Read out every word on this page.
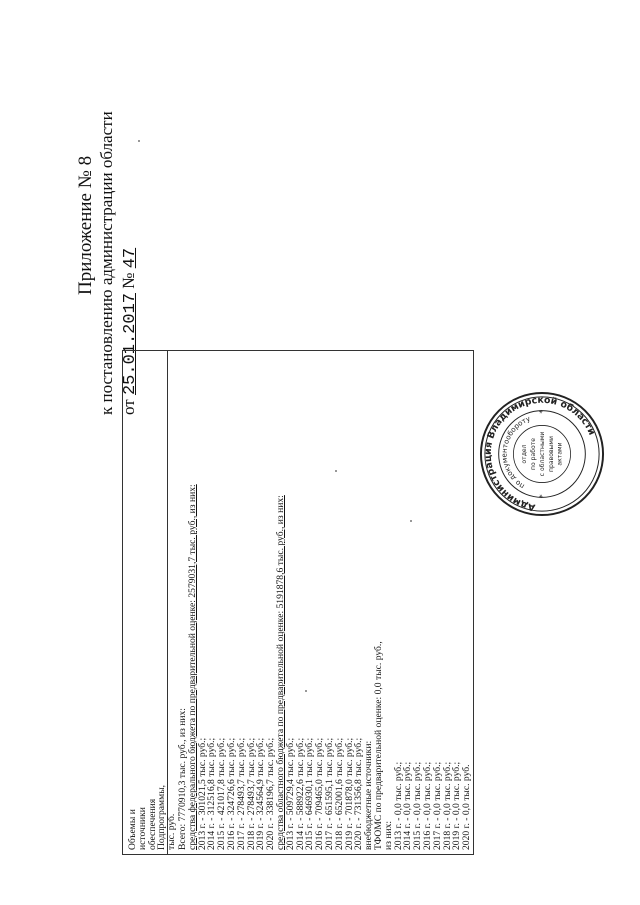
Приложение № 8 к постановлению администрации области от 25.01.2017 № 47
Объемы и
источники
обеспечения
Подпрограммы,
тыс. руб. Всего: 7770910,3 тыс. руб., из них:
средства федерального бюджета по предварительной оценке: 2579031,7 тыс. руб., из них:
2013 г. - 301021,5 тыс. руб.;
2014 г. - 312516,8 тыс. руб.;
2015 г. - 421017,8 тыс. руб.;
2016 г. - 324726,6 тыс. руб.;
2017 г. - 278493,7 тыс. руб.;
2018 г. - 278493,7 тыс. руб.;
2019 г. - 324564,9 тыс. руб.;
2020 г. - 338196,7 тыс. руб.;
средства областного бюджета по предварительной оценке: 5191878,6 тыс. руб., из них:
2013 г. - 509729,4 тыс. руб.;
2014 г. - 588922,6 тыс. руб.;
2015 г. - 646930,1 тыс. руб.;
2016 г. - 709465,0 тыс. руб.;
2017 г. - 651595,1 тыс. руб.;
2018 г. - 652001,6 тыс. руб.;
2019 г. - 701878,0 тыс. руб.;
2020 г. - 731356,8 тыс. руб.;
внебюджетные источники:
ТФОМС по предварительной оценке: 0,0 тыс. руб.,
из них:
2013 г. - 0,0 тыс. руб.;
2014 г. - 0,0 тыс. руб.;
2015 г. - 0,0 тыс. руб.;
2016 г. - 0,0 тыс. руб.;
2017 г. - 0,0 тыс. руб.;
2018 г. - 0,0 тыс. руб.;
2019 г. - 0,0 тыс. руб.;
2020 г. - 0,0 тыс. руб.
Администрация Владимирской области
по документообороту
отдел по работе с областными правовыми актами
*
*
